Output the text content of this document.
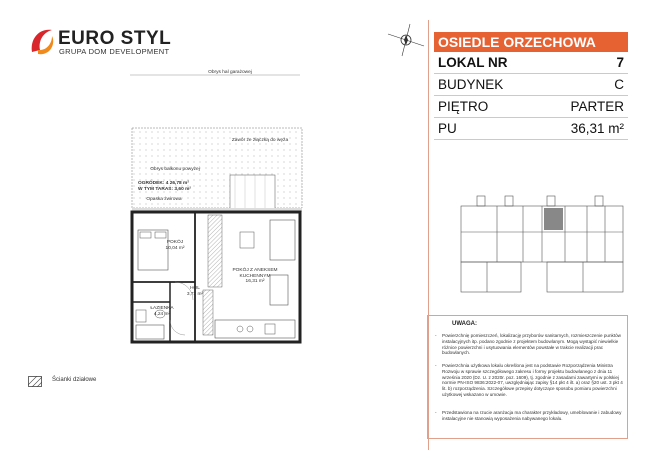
EURO STYL
GRUPA DOM DEVELOPMENT
OSIEDLE ORZECHOWA
LOKAL NR	7
BUDYNEK	C
PIĘTRO	PARTER
PU	36,31 m²
UWAGA:
- Powierzchnię pomieszczeń, lokalizację przyborów sanitarnych, rozmieszczenie punktów instalacyjnych itp. podano zgodnie z projektem budowlanym. Mogą wystąpić niewielkie różnice powierzchni i usytuowania elementów powstałe w trakcie realizacji prac budowlanych.
- Powierzchnia użytkowa lokalu określona jest na podstawie Rozporządzenia Ministra Rozwoju w sprawie szczegółowego zakresu i formy projektu budowlanego z dnia 11 września 2020 (Dz. U. z 2020r. poz. 1609), tj. zgodnie z zasadami zawartymi w polskiej normie PN-ISO 9836:2022-07, uwzględniając zapisy §14 pkt 4 ilt. a) oraz §20 ust. 3 pkt 4 lit. b) rozporządzenia. Szczegółowe przepisy dotyczące sposobu pomiaru powierzchni użytkowej wskazano w umowie.
- Przedstawiona na rzucie aranżacja ma charakter przykładowy, umeblowanie i zabudowy instalacyjne nie stanowią wyposażenia nabywanego lokalu.
Obrys hal garażowej
Zawór ze złączką do węża
Obrys balkonu powyżej
OGRÓDEK: 4 26,78 m²
W TYM TARAS: 3,60 m²
Opaska żwirowa
POKÓJ
10,04 m²
POKÓJ Z ANEKSEM
KUCHENNYM
16,31 m²
HOL
3,72 m²
ŁAZIENKA
4,24 m²
Ścianki działowe
